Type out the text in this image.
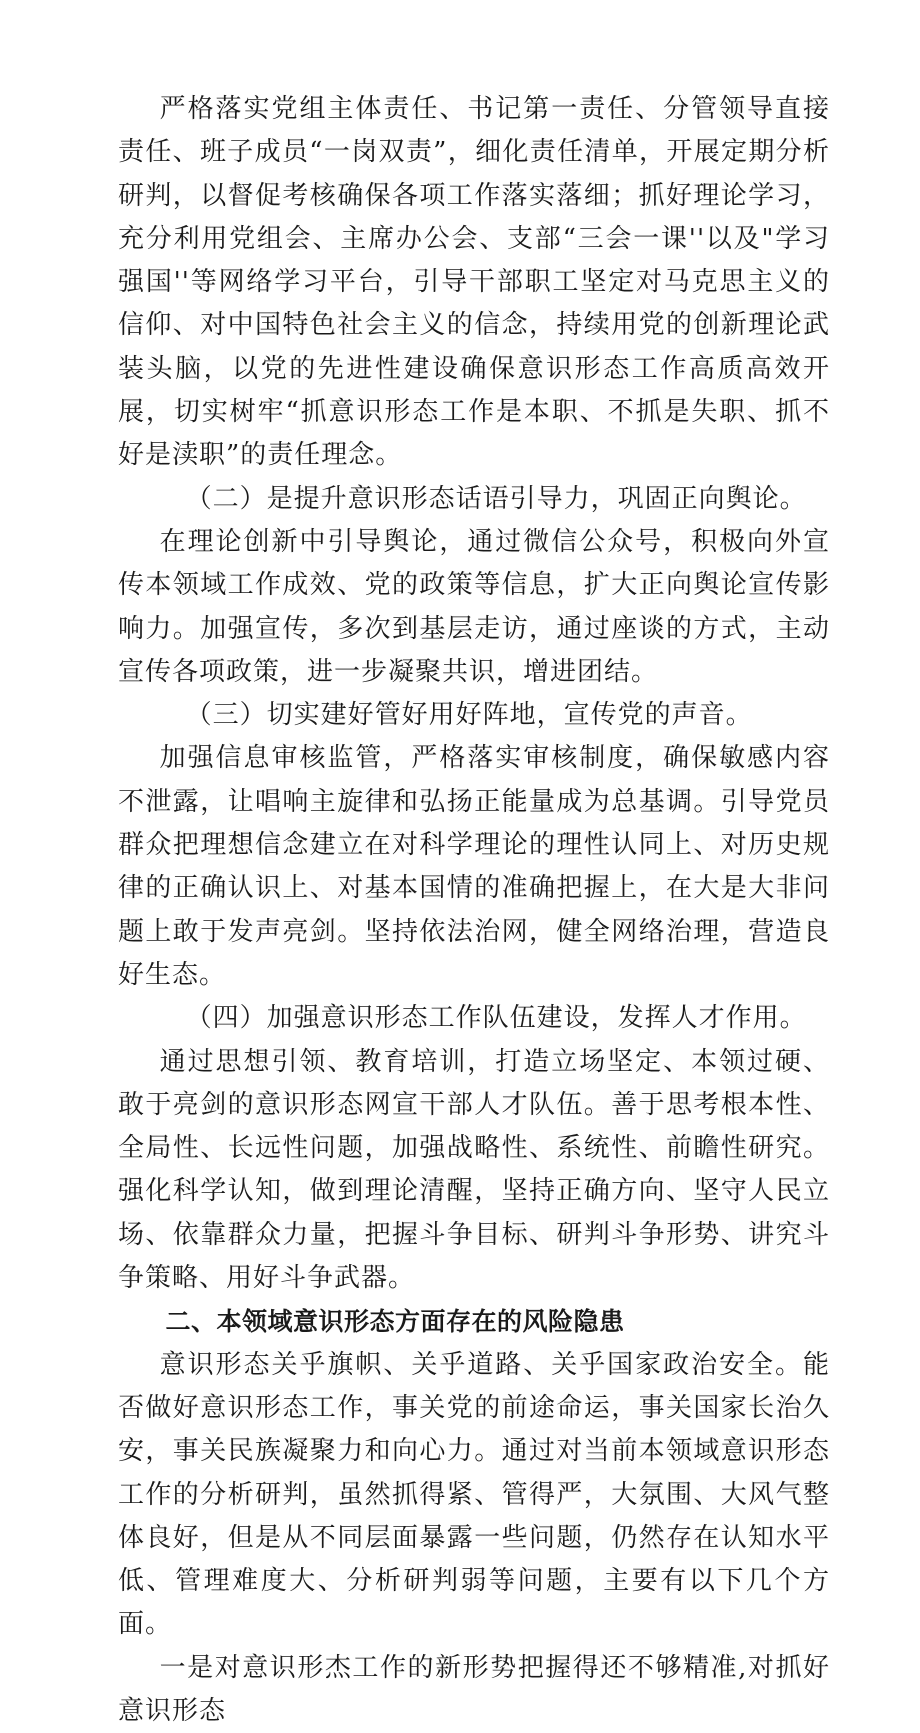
严格落实党组主体责任、书记第一责任、分管领导直接责任、班子成员“一岗双责”，细化责任清单，开展定期分析研判，以督促考核确保各项工作落实落细；抓好理论学习，充分利用党组会、主席办公会、支部“三会一课''以及"学习强国''等网络学习平台，引导干部职工坚定对马克思主义的信仰、对中国特色社会主义的信念，持续用党的创新理论武装头脑，以党的先进性建设确保意识形态工作高质高效开展，切实树牢“抓意识形态工作是本职、不抓是失职、抓不好是渎职”的责任理念。

（二）是提升意识形态话语引导力，巩固正向舆论。

在理论创新中引导舆论，通过微信公众号，积极向外宣传本领域工作成效、党的政策等信息，扩大正向舆论宣传影响力。加强宣传，多次到基层走访，通过座谈的方式，主动宣传各项政策，进一步凝聚共识，增进团结。

（三）切实建好管好用好阵地，宣传党的声音。

加强信息审核监管，严格落实审核制度，确保敏感内容不泄露，让唱响主旋律和弘扬正能量成为总基调。引导党员群众把理想信念建立在对科学理论的理性认同上、对历史规律的正确认识上、对基本国情的准确把握上，在大是大非问题上敢于发声亮剑。坚持依法治网，健全网络治理，营造良好生态。

（四）加强意识形态工作队伍建设，发挥人才作用。

通过思想引领、教育培训，打造立场坚定、本领过硬、敢于亮剑的意识形态网宣干部人才队伍。善于思考根本性、全局性、长远性问题，加强战略性、系统性、前瞻性研究。强化科学认知，做到理论清醒，坚持正确方向、坚守人民立场、依靠群众力量，把握斗争目标、研判斗争形势、讲究斗争策略、用好斗争武器。

二、本领域意识形态方面存在的风险隐患

意识形态关乎旗帜、关乎道路、关乎国家政治安全。能否做好意识形态工作，事关党的前途命运，事关国家长治久安，事关民族凝聚力和向心力。通过对当前本领域意识形态工作的分析研判，虽然抓得紧、管得严，大氛围、大风气整体良好，但是从不同层面暴露一些问题，仍然存在认知水平低、管理难度大、分析研判弱等问题，主要有以下几个方面。

一是对意识形杰工作的新形势把握得还不够精准,对抓好意识形态
